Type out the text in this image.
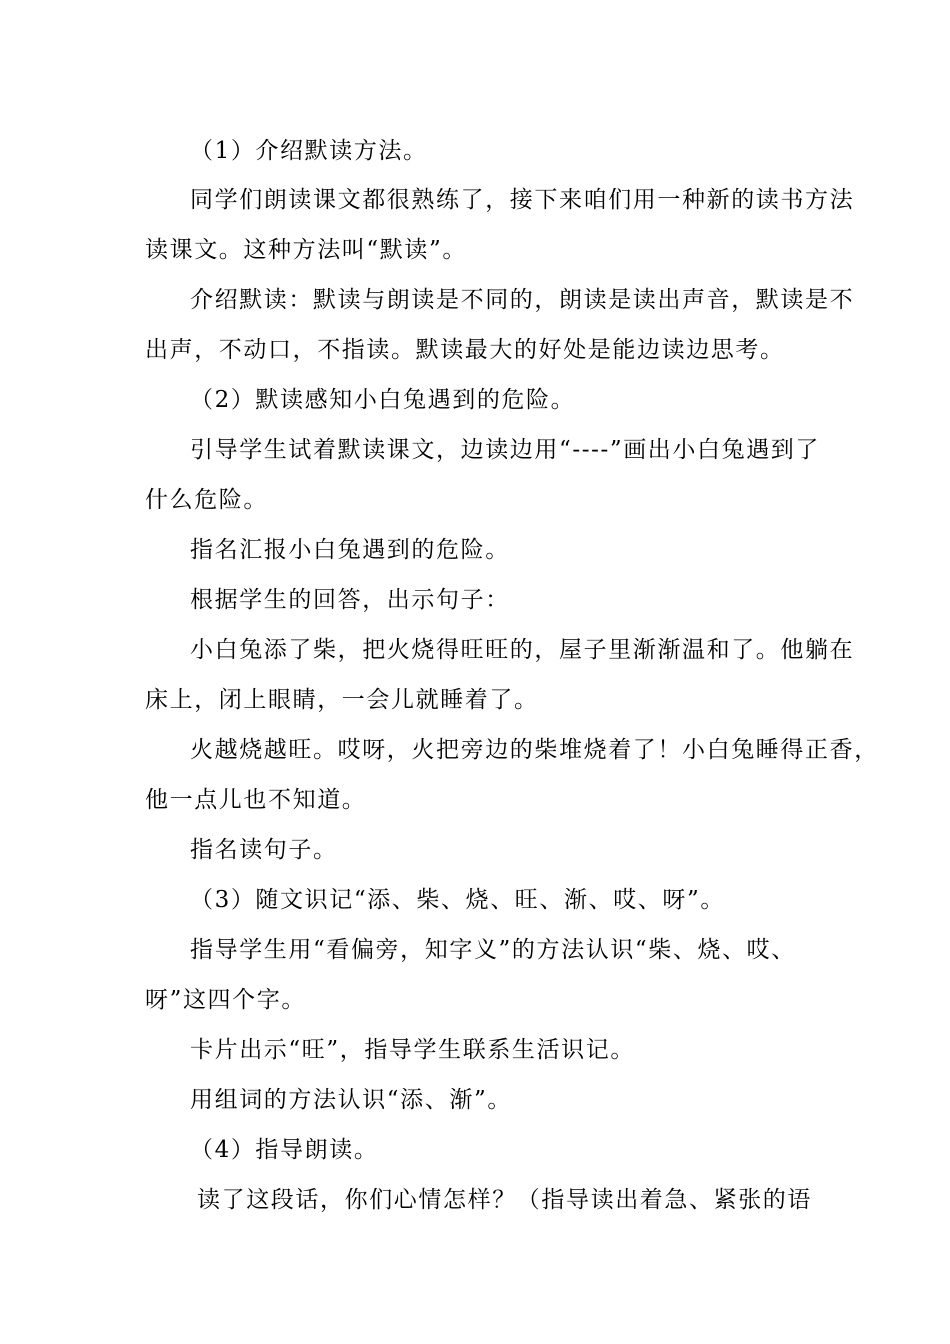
（1）介绍默读方法。
同学们朗读课文都很熟练了，接下来咱们用一种新的读书方法
读课文。这种方法叫“默读”。
介绍默读：默读与朗读是不同的，朗读是读出声音，默读是不
出声，不动口，不指读。默读最大的好处是能边读边思考。
（2）默读感知小白兔遇到的危险。
引导学生试着默读课文，边读边用“----”画出小白兔遇到了
什么危险。
指名汇报小白兔遇到的危险。
根据学生的回答，出示句子：
小白兔添了柴，把火烧得旺旺的，屋子里渐渐温和了。他躺在
床上，闭上眼睛，一会儿就睡着了。
火越烧越旺。哎呀，火把旁边的柴堆烧着了！小白兔睡得正香，
他一点儿也不知道。
指名读句子。
（3）随文识记“添、柴、烧、旺、渐、哎、呀”。
指导学生用“看偏旁，知字义”的方法认识“柴、烧、哎、
呀”这四个字。
卡片出示“旺”，指导学生联系生活识记。
用组词的方法认识“添、渐”。
（4）指导朗读。
读了这段话，你们心情怎样？（指导读出着急、紧张的语
